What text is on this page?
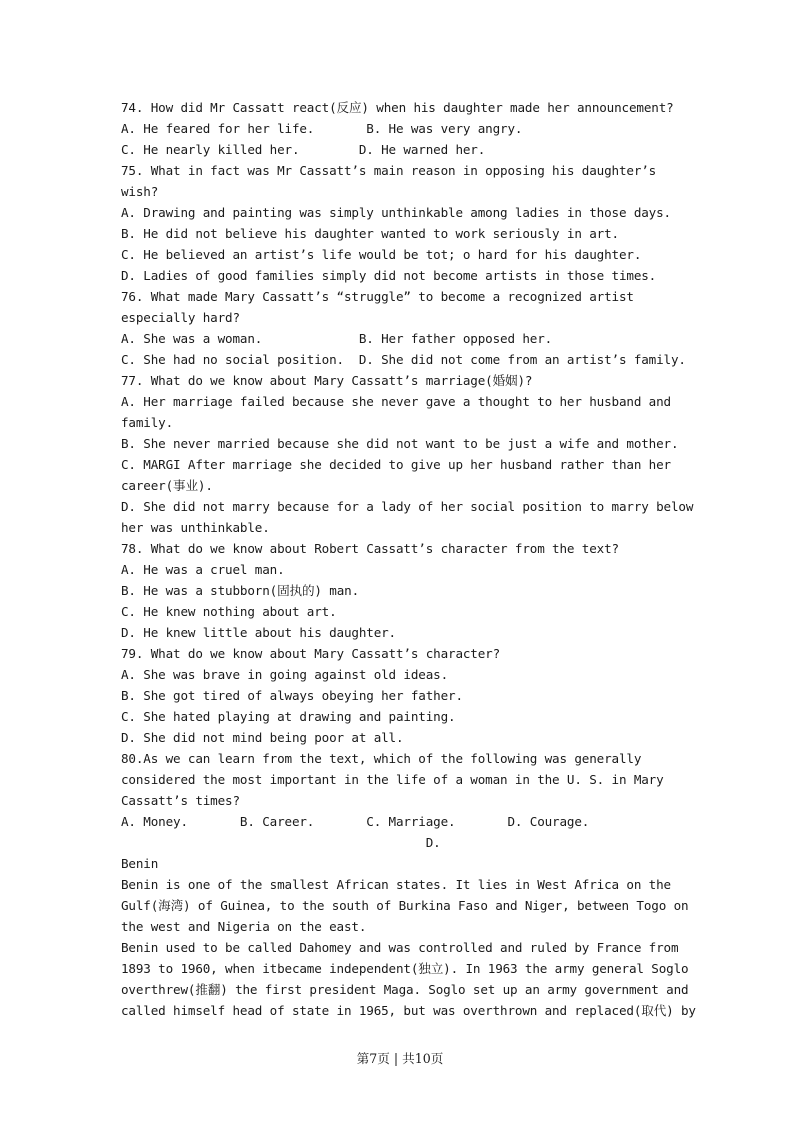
74. How did Mr Cassatt react(反应) when his daughter made her announcement?
A. He feared for her life.       B. He was very angry.
C. He nearly killed her.        D. He warned her.
75. What in fact was Mr Cassatt’s main reason in opposing his daughter’s
wish?
A. Drawing and painting was simply unthinkable among ladies in those days.
B. He did not believe his daughter wanted to work seriously in art.
C. He believed an artist’s life would be tot; o hard for his daughter.
D. Ladies of good families simply did not become artists in those times.
76. What made Mary Cassatt’s “struggle” to become a recognized artist
especially hard?
A. She was a woman.             B. Her father opposed her.
C. She had no social position.  D. She did not come from an artist’s family.
77. What do we know about Mary Cassatt’s marriage(婚姻)?
A. Her marriage failed because she never gave a thought to her husband and
family.
B. She never married because she did not want to be just a wife and mother.
C. MARGI After marriage she decided to give up her husband rather than her
career(事业).
D. She did not marry because for a lady of her social position to marry below
her was unthinkable.
78. What do we know about Robert Cassatt’s character from the text?
A. He was a cruel man.
B. He was a stubborn(固执的) man.
C. He knew nothing about art.
D. He knew little about his daughter.
79. What do we know about Mary Cassatt’s character?
A. She was brave in going against old ideas.
B. She got tired of always obeying her father.
C. She hated playing at drawing and painting.
D. She did not mind being poor at all.
80.As we can learn from the text, which of the following was generally
considered the most important in the life of a woman in the U. S. in Mary
Cassatt’s times?
A. Money.       B. Career.       C. Marriage.       D. Courage.
D.
Benin
Benin is one of the smallest African states. It lies in West Africa on the
Gulf(海湾) of Guinea, to the south of Burkina Faso and Niger, between Togo on
the west and Nigeria on the east.
Benin used to be called Dahomey and was controlled and ruled by France from
1893 to 1960, when itbecame independent(独立). In 1963 the army general Soglo
overthrew(推翻) the first president Maga. Soglo set up an army government and
called himself head of state in 1965, but was overthrown and replaced(取代) by
第7页 | 共10页
